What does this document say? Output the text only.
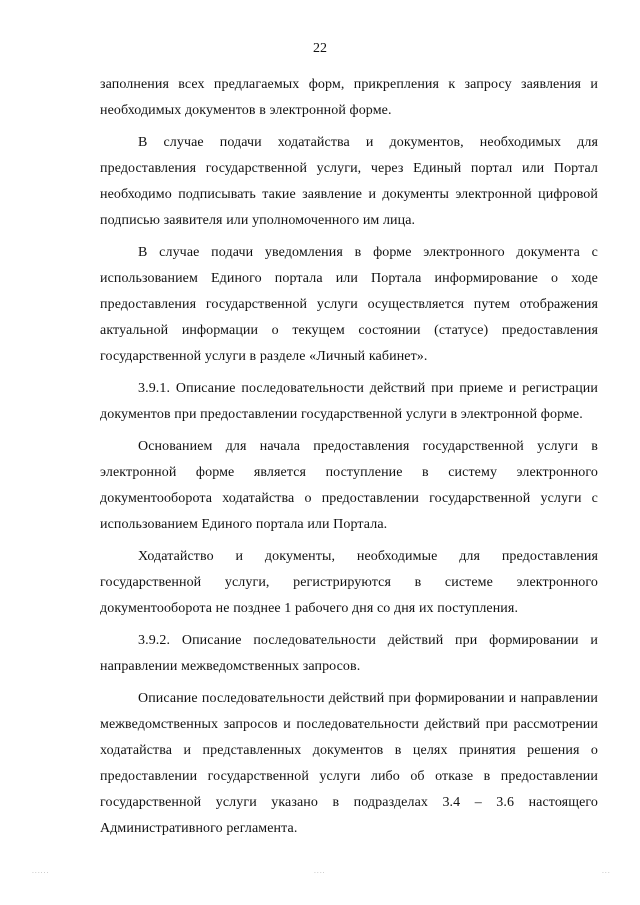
22

заполнения всех предлагаемых форм, прикрепления к запросу заявления и необходимых документов в электронной форме.

В случае подачи ходатайства и документов, необходимых для предоставления государственной услуги, через Единый портал или Портал необходимо подписывать такие заявление и документы электронной цифровой подписью заявителя или уполномоченного им лица.

В случае подачи уведомления в форме электронного документа с использованием Единого портала или Портала информирование о ходе предоставления государственной услуги осуществляется путем отображения актуальной информации о текущем состоянии (статусе) предоставления государственной услуги в разделе «Личный кабинет».

3.9.1. Описание последовательности действий при приеме и регистрации документов при предоставлении государственной услуги в электронной форме.

Основанием для начала предоставления государственной услуги в электронной форме является поступление в систему электронного документооборота ходатайства о предоставлении государственной услуги с использованием Единого портала или Портала.

Ходатайство и документы, необходимые для предоставления государственной услуги, регистрируются в системе электронного документооборота не позднее 1 рабочего дня со дня их поступления.

3.9.2. Описание последовательности действий при формировании и направлении межведомственных запросов.

Описание последовательности действий при формировании и направлении межведомственных запросов и последовательности действий при рассмотрении ходатайства и представленных документов в целях принятия решения о предоставлении государственной услуги либо об отказе в предоставлении государственной услуги указано в подразделах 3.4 – 3.6 настоящего Административного регламента.

......	....	...
